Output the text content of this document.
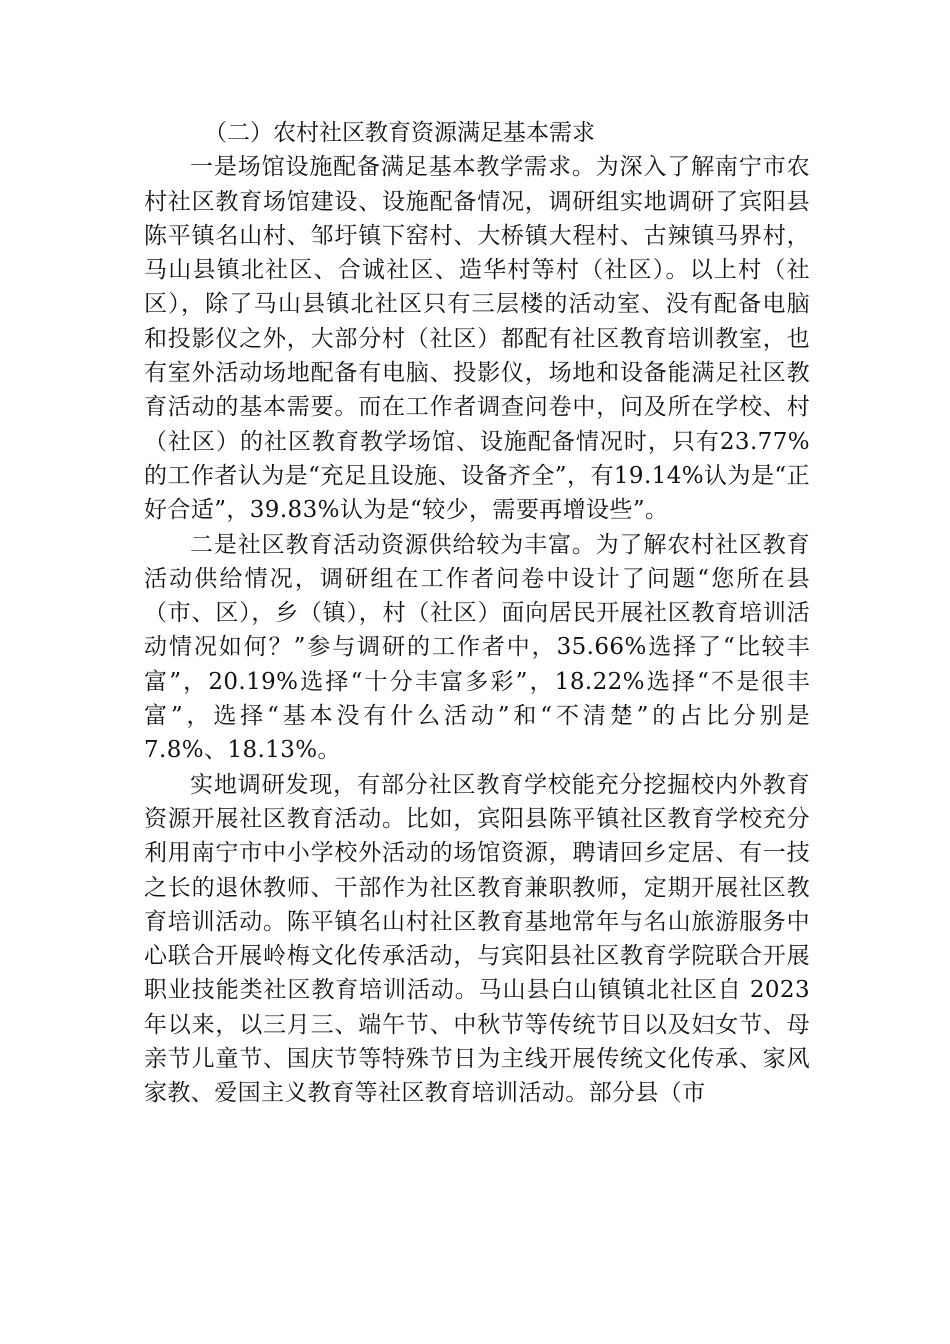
（二）农村社区教育资源满足基本需求

一是场馆设施配备满足基本教学需求。为深入了解南宁市农村社区教育场馆建设、设施配备情况，调研组实地调研了宾阳县陈平镇名山村、邹圩镇下窑村、大桥镇大程村、古辣镇马界村，马山县镇北社区、合诚社区、造华村等村（社区）。以上村（社区），除了马山县镇北社区只有三层楼的活动室、没有配备电脑和投影仪之外，大部分村（社区）都配有社区教育培训教室，也有室外活动场地配备有电脑、投影仪，场地和设备能满足社区教育活动的基本需要。而在工作者调查问卷中，问及所在学校、村（社区）的社区教育教学场馆、设施配备情况时，只有23.77%的工作者认为是“充足且设施、设备齐全”，有19.14%认为是“正好合适”，39.83%认为是“较少，需要再增设些”。

二是社区教育活动资源供给较为丰富。为了解农村社区教育活动供给情况，调研组在工作者问卷中设计了问题“您所在县（市、区），乡（镇），村（社区）面向居民开展社区教育培训活动情况如何？”参与调研的工作者中，35.66%选择了“比较丰富”，20.19%选择“十分丰富多彩”，18.22%选择“不是很丰富”，选择“基本没有什么活动”和“不清楚”的占比分别是 7.8%、18.13%。

实地调研发现，有部分社区教育学校能充分挖掘校内外教育资源开展社区教育活动。比如，宾阳县陈平镇社区教育学校充分利用南宁市中小学校外活动的场馆资源，聘请回乡定居、有一技之长的退休教师、干部作为社区教育兼职教师，定期开展社区教育培训活动。陈平镇名山村社区教育基地常年与名山旅游服务中心联合开展岭梅文化传承活动，与宾阳县社区教育学院联合开展职业技能类社区教育培训活动。马山县白山镇镇北社区自 2023 年以来，以三月三、端午节、中秋节等传统节日以及妇女节、母亲节儿童节、国庆节等特殊节日为主线开展传统文化传承、家风家教、爱国主义教育等社区教育培训活动。部分县（市
